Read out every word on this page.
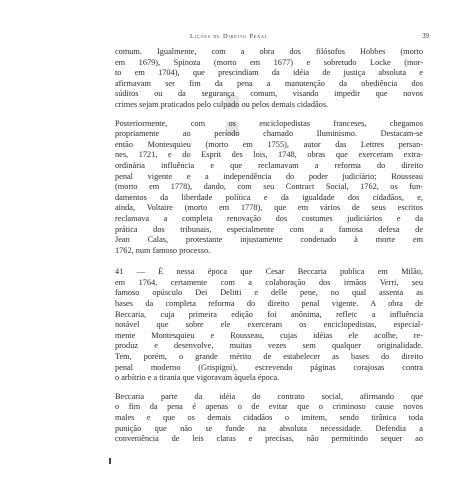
:
Lições de Direito Penal	39
comum. Igualmente, com a obra dos filósofos Hobbes (morto
em 1679), Spinoza (morto em 1677) e sobretudo Locke (mor-
to em 1704), que prescindiam da idéia de justiça absoluta e
afirmavam ser fim da pena a manutenção da obediência dos
súditos ou da segurança comum, visando impedir que novos
crimes sejam praticados pelo culpado ou pelos demais cidadãos.
Posteriormente, com os enciclopedistas franceses, chegamos
propriamente ao período chamado Iluminismo. Destacam-se
então Montesquieu (morto em 1755), autor das Lettres persan-
nes, 1721, e do Esprit des lois, 1748, obras que exerceram extra-
ordinária influência e que reclamavam a reforma do direito
penal vigente e a independência do poder judiciário; Rousseau
(morto em 1778), dando, com seu Contract Social, 1762, os fun-
damentos da liberdade política e da igualdade dos cidadãos, e,
ainda, Voltaire (morto em 1778), que em vários de seus escritos
reclamava a completa renovação dos costumes judiciários e da
prática dos tribunais, especialmente com a famosa defesa de
Jean Calas, protestante injustamente condenado à morte em
1762, num famoso processo.
41 — É nessa época que Cesar Beccaria publica em Milão,
em 1764, certamente com a colaboração dos irmãos Verri, seu
famoso opúsculo Dei Delitti e delle pene, no qual assenta as
bases da completa reforma do direito penal vigente. A obra de
Beccaria, cuja primeira edição foi anônima, refletc a influência
notável que sobre ele exerceram os enciclopedistas, especial-
mente Montesquieu e Rousseau, cujas idéias ele acolhe, re-
produz e desenvolve, muitas vezes sem qualquer originalidade.
Tem, porém, o grande mérito de estabelecer as bases do direito
penal moderno (Grispigni), escrevendo páginas corajosas contra
o arbítrio e a tirania que vigoravam àquela época.
Beccaria parte da idéia do contrato social, afirmando que
o fim da pena é apenas o de evitar que o criminoso cause novos
males e que os demais cidadãos o imitem, sendo tirânica toda
punição que não se funde na absoluta necessidade. Defendia a
conveniência de leis claras e precisas, não permitindo sequer ao
